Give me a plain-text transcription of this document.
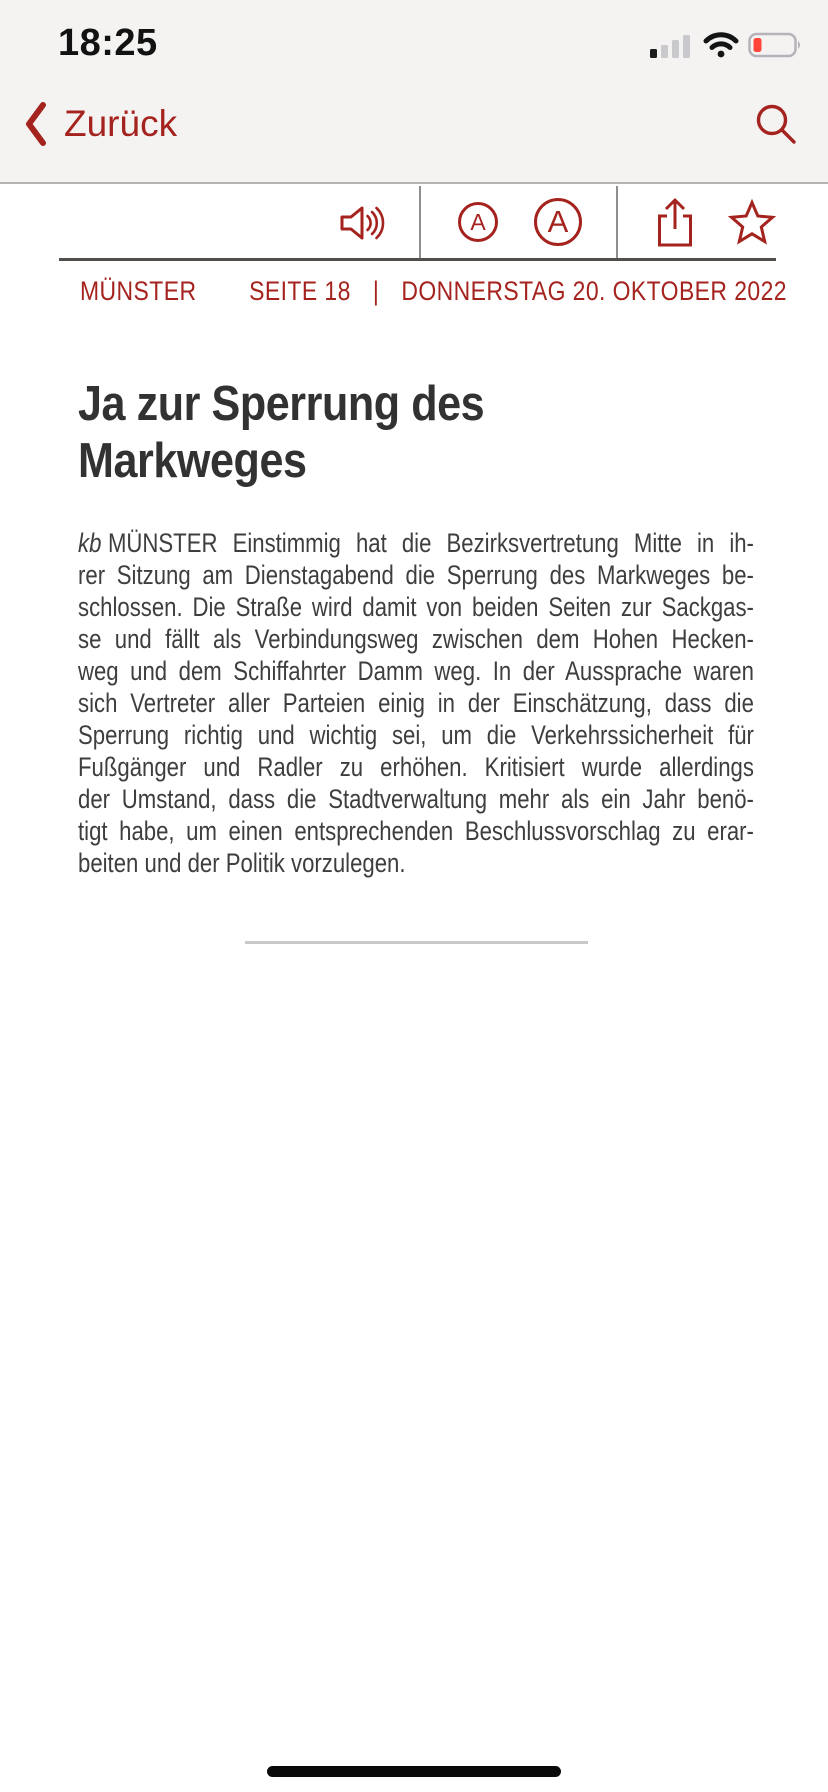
18:25
Zurück
A A
MÜNSTER SEITE 18 | DONNERSTAG 20. OKTOBER 2022
Ja zur Sperrung des
Markweges
kb MÜNSTER Einstimmig hat die Bezirksvertretung Mitte in ih-
rer Sitzung am Dienstagabend die Sperrung des Markweges be-
schlossen. Die Straße wird damit von beiden Seiten zur Sackgas-
se und fällt als Verbindungsweg zwischen dem Hohen Hecken-
weg und dem Schiffahrter Damm weg. In der Aussprache waren
sich Vertreter aller Parteien einig in der Einschätzung, dass die
Sperrung richtig und wichtig sei, um die Verkehrssicherheit für
Fußgänger und Radler zu erhöhen. Kritisiert wurde allerdings
der Umstand, dass die Stadtverwaltung mehr als ein Jahr benö-
tigt habe, um einen entsprechenden Beschlussvorschlag zu erar-
beiten und der Politik vorzulegen.
